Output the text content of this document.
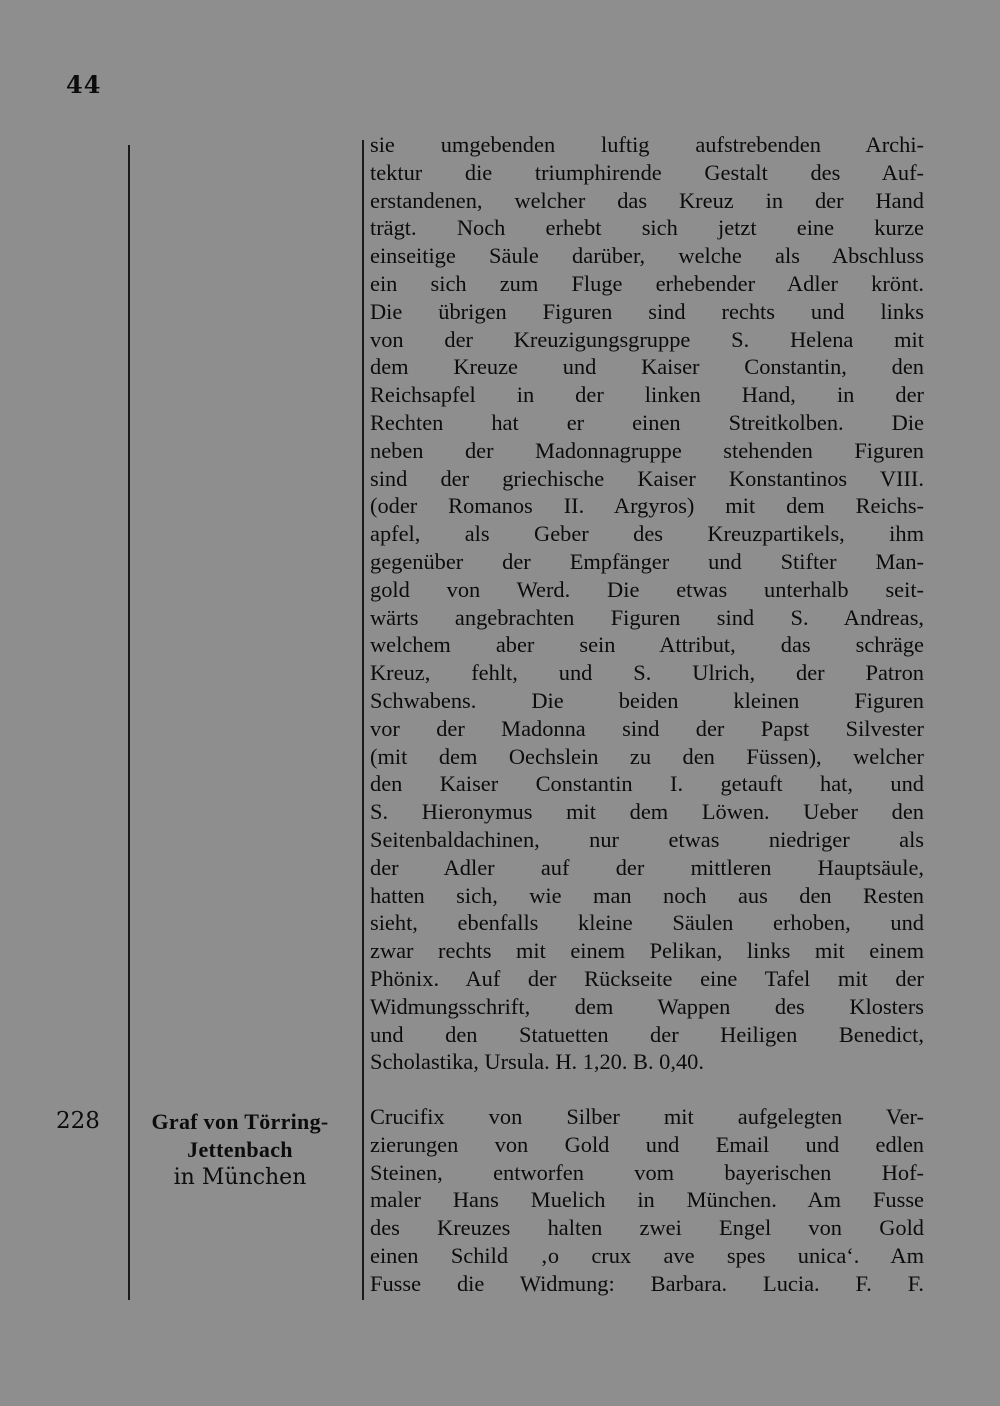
44
sie umgebenden luftig aufstrebenden Archi-
tektur die triumphirende Gestalt des Auf-
erstandenen, welcher das Kreuz in der Hand
trägt. Noch erhebt sich jetzt eine kurze
einseitige Säule darüber, welche als Abschluss
ein sich zum Fluge erhebender Adler krönt.
Die übrigen Figuren sind rechts und links
von der Kreuzigungsgruppe S. Helena mit
dem Kreuze und Kaiser Constantin, den
Reichsapfel in der linken Hand, in der
Rechten hat er einen Streitkolben. Die
neben der Madonnagruppe stehenden Figuren
sind der griechische Kaiser Konstantinos VIII.
(oder Romanos II. Argyros) mit dem Reichs-
apfel, als Geber des Kreuzpartikels, ihm
gegenüber der Empfänger und Stifter Man-
gold von Werd. Die etwas unterhalb seit-
wärts angebrachten Figuren sind S. Andreas,
welchem aber sein Attribut, das schräge
Kreuz, fehlt, und S. Ulrich, der Patron
Schwabens. Die beiden kleinen Figuren
vor der Madonna sind der Papst Silvester
(mit dem Oechslein zu den Füssen), welcher
den Kaiser Constantin I. getauft hat, und
S. Hieronymus mit dem Löwen. Ueber den
Seitenbaldachinen, nur etwas niedriger als
der Adler auf der mittleren Hauptsäule,
hatten sich, wie man noch aus den Resten
sieht, ebenfalls kleine Säulen erhoben, und
zwar rechts mit einem Pelikan, links mit einem
Phönix. Auf der Rückseite eine Tafel mit der
Widmungsschrift, dem Wappen des Klosters
und den Statuetten der Heiligen Benedict,
Scholastika, Ursula. H. 1,20. B. 0,40.
228	Graf von Törring-
Jettenbach
in München
Crucifix von Silber mit aufgelegten Ver-
zierungen von Gold und Email und edlen
Steinen, entworfen vom bayerischen Hof-
maler Hans Muelich in München. Am Fusse
des Kreuzes halten zwei Engel von Gold
einen Schild ‚o crux ave spes unica‘. Am
Fusse die Widmung: Barbara. Lucia. F. F.
